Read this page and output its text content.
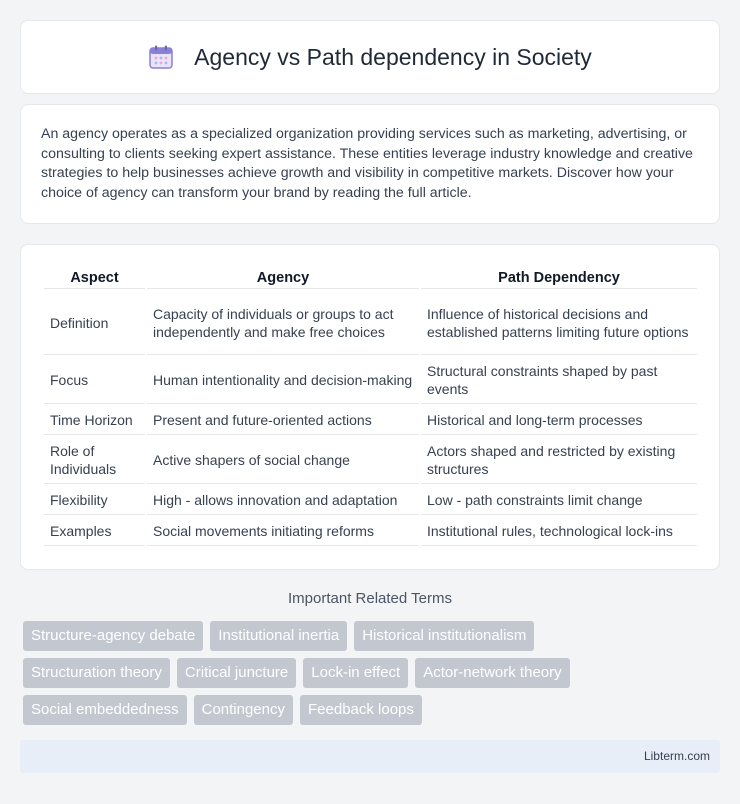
Agency vs Path dependency in Society

An agency operates as a specialized organization providing services such as marketing, advertising, or consulting to clients seeking expert assistance. These entities leverage industry knowledge and creative strategies to help businesses achieve growth and visibility in competitive markets. Discover how your choice of agency can transform your brand by reading the full article.

Aspect	Agency	Path Dependency
Definition	Capacity of individuals or groups to act independently and make free choices	Influence of historical decisions and established patterns limiting future options
Focus	Human intentionality and decision-making	Structural constraints shaped by past events
Time Horizon	Present and future-oriented actions	Historical and long-term processes
Role of Individuals	Active shapers of social change	Actors shaped and restricted by existing structures
Flexibility	High - allows innovation and adaptation	Low - path constraints limit change
Examples	Social movements initiating reforms	Institutional rules, technological lock-ins
Important Related Terms
Structure-agency debate	Institutional inertia	Historical institutionalism
Structuration theory	Critical juncture	Lock-in effect	Actor-network theory
Social embeddedness	Contingency	Feedback loops
Libterm.com
